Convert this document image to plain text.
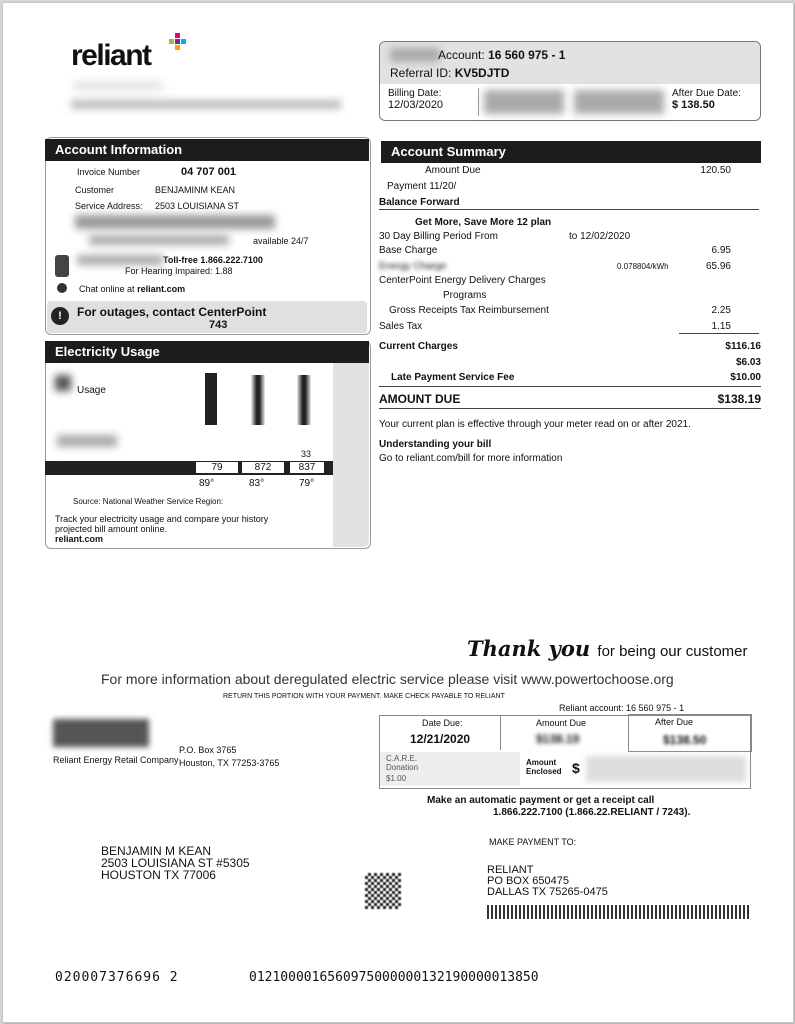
reliant	Account: 16 560 975 - 1
Referral ID: KV5DJTD
Billing Date:
12/03/2020
After Due Date:
$ 138.50
Account Information
Invoice Number	04 707 001
Customer	BENJAMINM KEAN
Service Address: 2503 LOUISIANA ST
available 24/7
Toll-free 1.866.222.7100
For Hearing Impaired: 1.88
Chat online at reliant.com
!	For outages, contact CenterPoint
743
Electricity Usage
Usage
33
79	872	837
89°	83°	79°
Source: National Weather Service Region:
Track your electricity usage and compare your history
projected bill amount online.
reliant.com
Account Summary
Amount Due	120.50
Payment 11/20/
Balance Forward
Get More, Save More 12 plan
30 Day Billing Period From	to 12/02/2020
Base Charge	6.95
Energy Charge	0.078804/kWh	65.96
CenterPoint Energy Delivery Charges
Programs
Gross Receipts Tax Reimbursement	2.25
Sales Tax	1.15
Current Charges	$116.16
$6.03
Late Payment Service Fee	$10.00
AMOUNT DUE	$138.19
Your current plan is effective through your meter read on or after 2021.
Understanding your bill
Go to reliant.com/bill for more information
Thank you for being our customer
For more information about deregulated electric service please visit www.powertochoose.org
RETURN THIS PORTION WITH YOUR PAYMENT. MAKE CHECK PAYABLE TO RELIANT
Reliant account: 16 560 975 - 1
Reliant Energy Retail Company
P.O. Box 3765
Houston, TX 77253-3765
Date Due:
12/21/2020
Amount Due
$138.19
After Due
$138.50
C.A.R.E. Donation
$1.00
Amount Enclosed $
Make an automatic payment or get a receipt call
1.866.222.7100 (1.866.22.RELIANT / 7243).
MAKE PAYMENT TO:
RELIANT
PO BOX 650475
DALLAS TX 75265-0475
BENJAMIN M KEAN
2503 LOUISIANA ST #5305
HOUSTON TX 77006
020007376696 2	0121000016560975000000132190000013850
